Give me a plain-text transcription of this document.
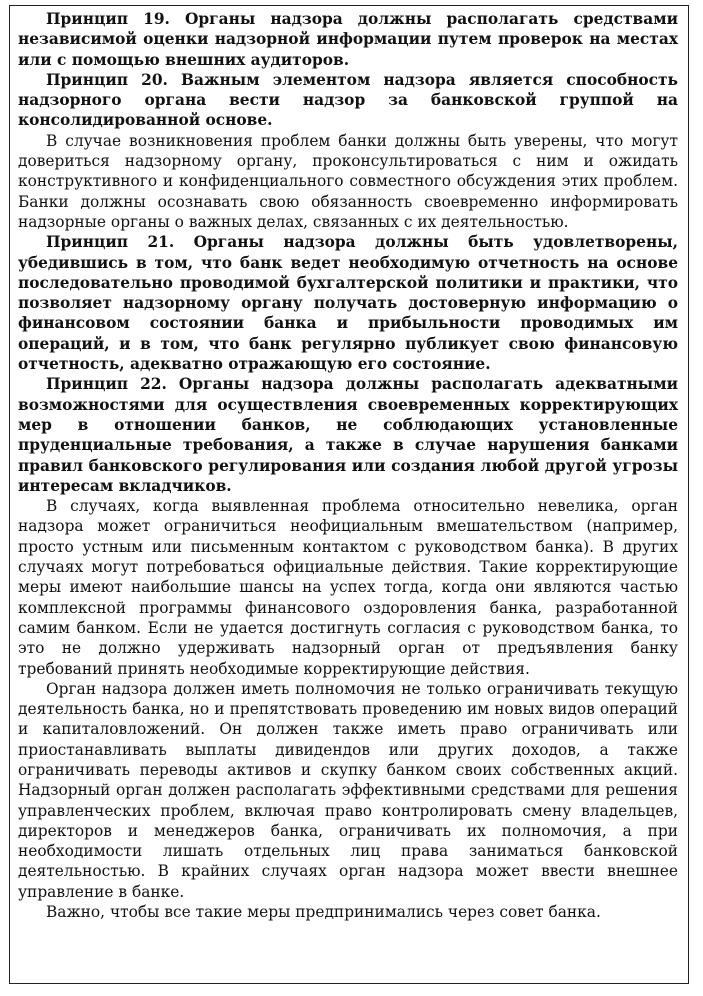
Принцип 19. Органы надзора должны располагать средствами независимой оценки надзорной информации путем проверок на местах или с помощью внешних аудиторов.

Принцип 20. Важным элементом надзора является способность надзорного органа вести надзор за банковской группой на консолидированной основе.

В случае возникновения проблем банки должны быть уверены, что могут довериться надзорному органу, проконсультироваться с ним и ожидать конструктивного и конфиденциального совместного обсуждения этих проблем. Банки должны осознавать свою обязанность своевременно информировать надзорные органы о важных делах, связанных с их деятельностью.

Принцип 21. Органы надзора должны быть удовлетворены, убедившись в том, что банк ведет необходимую отчетность на основе последовательно проводимой бухгалтерской политики и практики, что позволяет надзорному органу получать достоверную информацию о финансовом состоянии банка и прибыльности проводимых им операций, и в том, что банк регулярно публикует свою финансовую отчетность, адекватно отражающую его состояние.

Принцип 22. Органы надзора должны располагать адекватными возможностями для осуществления своевременных корректирующих мер в отношении банков, не соблюдающих установленные пруденциальные требования, а также в случае нарушения банками правил банковского регулирования или создания любой другой угрозы интересам вкладчиков.

В случаях, когда выявленная проблема относительно невелика, орган надзора может ограничиться неофициальным вмешательством (например, просто устным или письменным контактом с руководством банка). В других случаях могут потребоваться официальные действия. Такие корректирующие меры имеют наибольшие шансы на успех тогда, когда они являются частью комплексной программы финансового оздоровления банка, разработанной самим банком. Если не удается достигнуть согласия с руководством банка, то это не должно удерживать надзорный орган от предъявления банку требований принять необходимые корректирующие действия.

Орган надзора должен иметь полномочия не только ограничивать текущую деятельность банка, но и препятствовать проведению им новых видов операций и капиталовложений. Он должен также иметь право ограничивать или приостанавливать выплаты дивидендов или других доходов, а также ограничивать переводы активов и скупку банком своих собственных акций. Надзорный орган должен располагать эффективными средствами для решения управленческих проблем, включая право контролировать смену владельцев, директоров и менеджеров банка, ограничивать их полномочия, а при необходимости лишать отдельных лиц права заниматься банковской деятельностью. В крайних случаях орган надзора может ввести внешнее управление в банке.

Важно, чтобы все такие меры предпринимались через совет банка.
